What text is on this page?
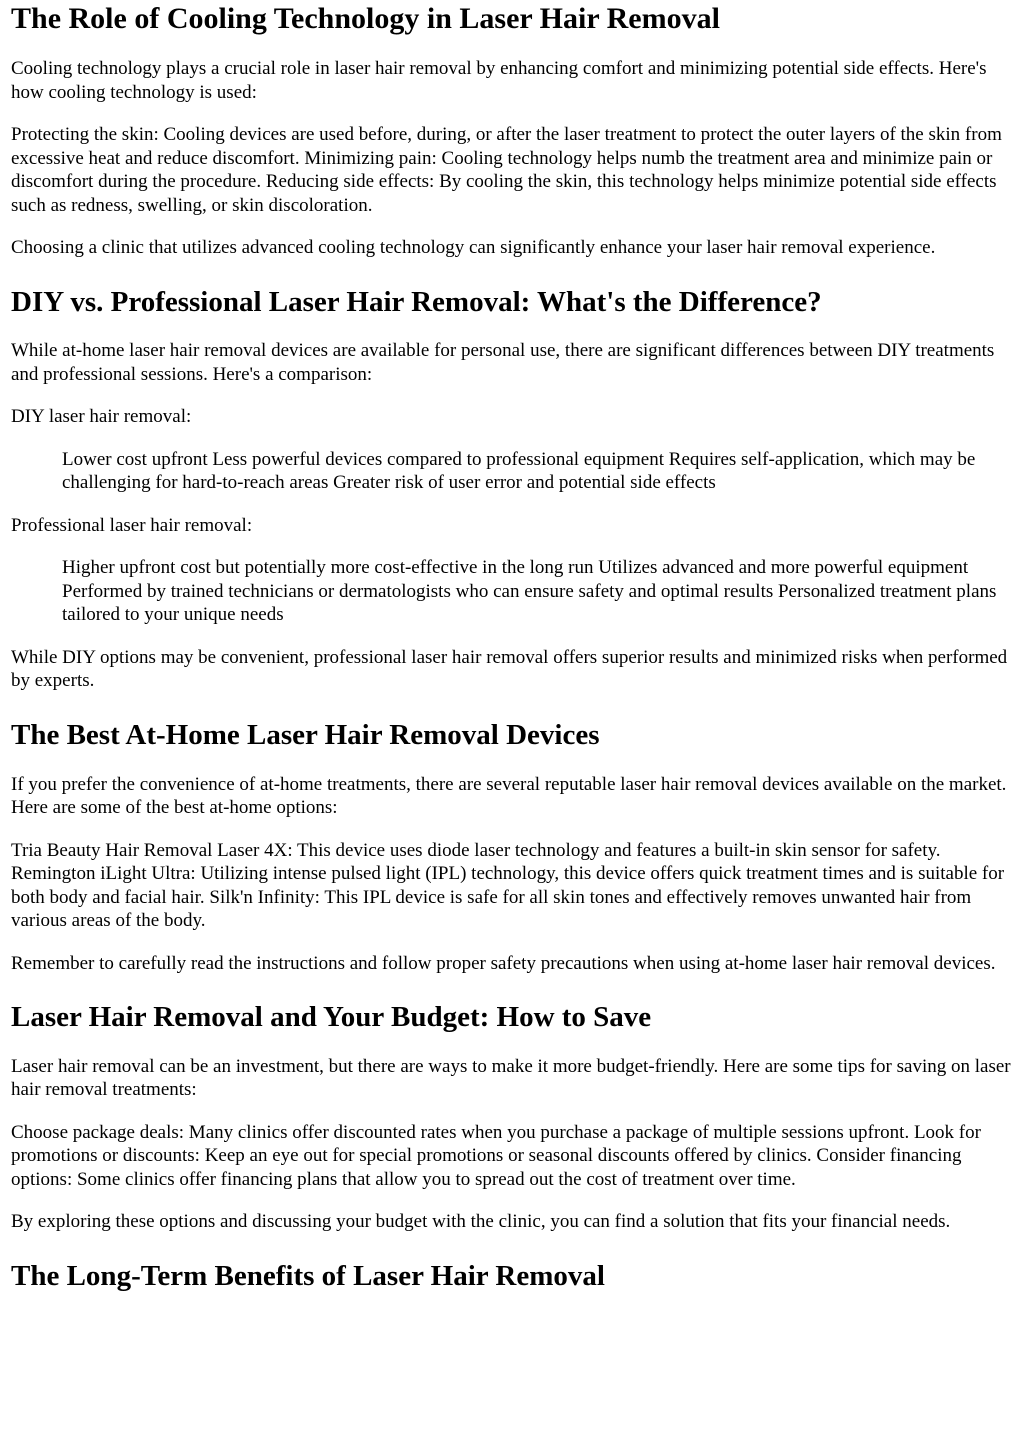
The Role of Cooling Technology in Laser Hair Removal

Cooling technology plays a crucial role in laser hair removal by enhancing comfort and minimizing potential side effects. Here's how cooling technology is used:

Protecting the skin: Cooling devices are used before, during, or after the laser treatment to protect the outer layers of the skin from excessive heat and reduce discomfort. Minimizing pain: Cooling technology helps numb the treatment area and minimize pain or discomfort during the procedure. Reducing side effects: By cooling the skin, this technology helps minimize potential side effects such as redness, swelling, or skin discoloration.

Choosing a clinic that utilizes advanced cooling technology can significantly enhance your laser hair removal experience.

DIY vs. Professional Laser Hair Removal: What's the Difference?

While at-home laser hair removal devices are available for personal use, there are significant differences between DIY treatments and professional sessions. Here's a comparison:

DIY laser hair removal:

Lower cost upfront Less powerful devices compared to professional equipment Requires self-application, which may be challenging for hard-to-reach areas Greater risk of user error and potential side effects

Professional laser hair removal:

Higher upfront cost but potentially more cost-effective in the long run Utilizes advanced and more powerful equipment Performed by trained technicians or dermatologists who can ensure safety and optimal results Personalized treatment plans tailored to your unique needs

While DIY options may be convenient, professional laser hair removal offers superior results and minimized risks when performed by experts.

The Best At-Home Laser Hair Removal Devices

If you prefer the convenience of at-home treatments, there are several reputable laser hair removal devices available on the market. Here are some of the best at-home options:

Tria Beauty Hair Removal Laser 4X: This device uses diode laser technology and features a built-in skin sensor for safety. Remington iLight Ultra: Utilizing intense pulsed light (IPL) technology, this device offers quick treatment times and is suitable for both body and facial hair. Silk'n Infinity: This IPL device is safe for all skin tones and effectively removes unwanted hair from various areas of the body.

Remember to carefully read the instructions and follow proper safety precautions when using at-home laser hair removal devices.

Laser Hair Removal and Your Budget: How to Save

Laser hair removal can be an investment, but there are ways to make it more budget-friendly. Here are some tips for saving on laser hair removal treatments:

Choose package deals: Many clinics offer discounted rates when you purchase a package of multiple sessions upfront. Look for promotions or discounts: Keep an eye out for special promotions or seasonal discounts offered by clinics. Consider financing options: Some clinics offer financing plans that allow you to spread out the cost of treatment over time.

By exploring these options and discussing your budget with the clinic, you can find a solution that fits your financial needs.

The Long-Term Benefits of Laser Hair Removal
